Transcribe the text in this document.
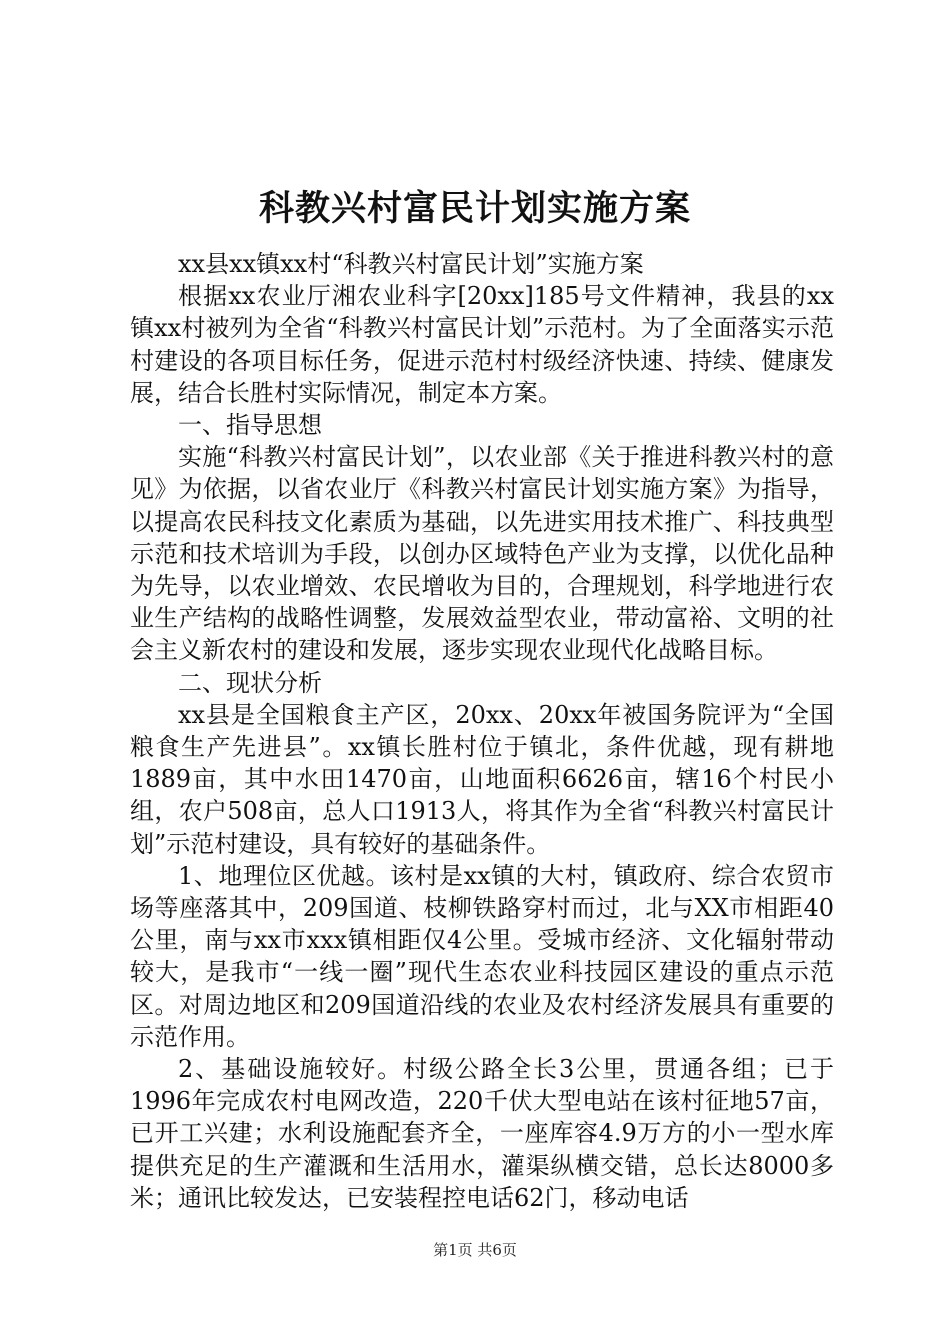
科教兴村富民计划实施方案

xx县xx镇xx村“科教兴村富民计划”实施方案

根据xx农业厅湘农业科字[20xx]185号文件精神，我县的xx镇xx村被列为全省“科教兴村富民计划”示范村。为了全面落实示范村建设的各项目标任务，促进示范村村级经济快速、持续、健康发展，结合长胜村实际情况，制定本方案。

一、指导思想

实施“科教兴村富民计划”，以农业部《关于推进科教兴村的意见》为依据，以省农业厅《科教兴村富民计划实施方案》为指导，以提高农民科技文化素质为基础，以先进实用技术推广、科技典型示范和技术培训为手段，以创办区域特色产业为支撑，以优化品种为先导，以农业增效、农民增收为目的，合理规划，科学地进行农业生产结构的战略性调整，发展效益型农业，带动富裕、文明的社会主义新农村的建设和发展，逐步实现农业现代化战略目标。

二、现状分析

xx县是全国粮食主产区，20xx、20xx年被国务院评为“全国粮食生产先进县”。xx镇长胜村位于镇北，条件优越，现有耕地1889亩，其中水田1470亩，山地面积6626亩，辖16个村民小组，农户508亩，总人口1913人，将其作为全省“科教兴村富民计划”示范村建设，具有较好的基础条件。

1、地理位区优越。该村是xx镇的大村，镇政府、综合农贸市场等座落其中，209国道、枝柳铁路穿村而过，北与XX市相距40公里，南与xx市xxx镇相距仅4公里。受城市经济、文化辐射带动较大，是我市“一线一圈”现代生态农业科技园区建设的重点示范区。对周边地区和209国道沿线的农业及农村经济发展具有重要的示范作用。

2、基础设施较好。村级公路全长3公里，贯通各组；已于1996年完成农村电网改造，220千伏大型电站在该村征地57亩，已开工兴建；水利设施配套齐全，一座库容4.9万方的小一型水库提供充足的生产灌溉和生活用水，灌渠纵横交错，总长达8000多米；通讯比较发达，已安装程控电话62门，移动电话

第1页 共6页
